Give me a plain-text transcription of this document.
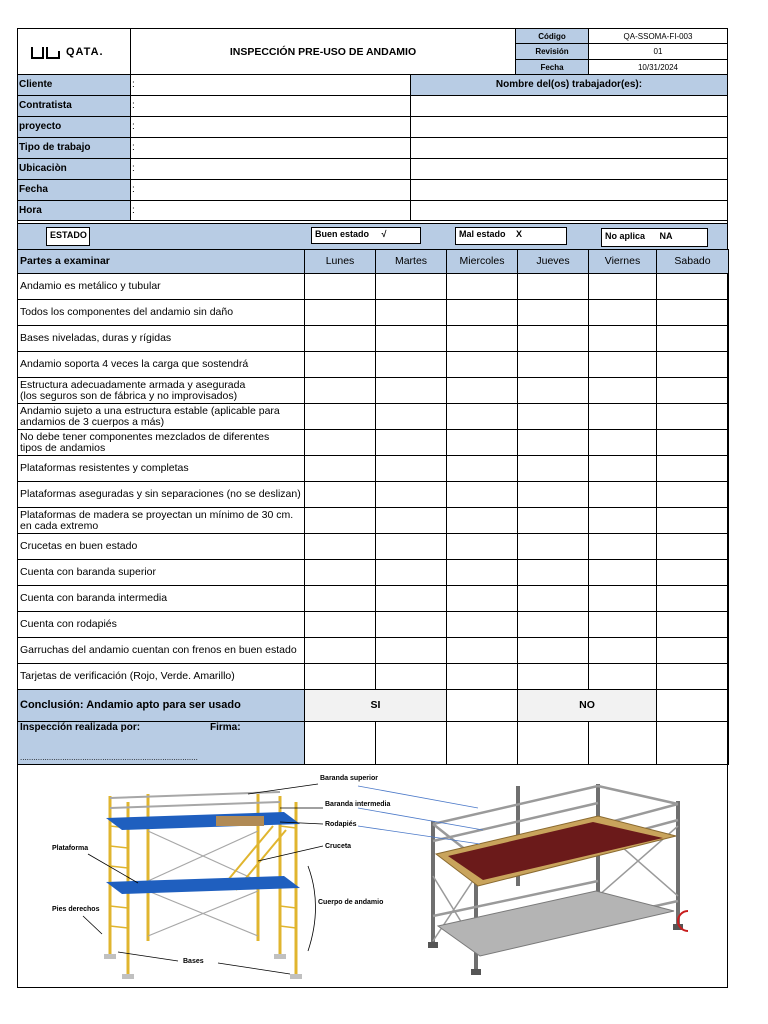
QATA.	INSPECCIÓN PRE-USO DE ANDAMIO
Código	QA-SSOMA-FI-003
Revisión	01
Fecha	10/31/2024
Cliente	:	Nombre del(os) trabajador(es):
Contratista	:
proyecto	:
Tipo de trabajo	:
Ubicaciòn	:
Fecha	:
Hora	:
ESTADO	Buen estado √	Mal estado X	No aplica NA
Partes a examinar	Lunes	Martes	Miercoles	Jueves	Viernes	Sabado
Andamio es metálico y tubular						
Todos los componentes del andamio sin daño						
Bases niveladas, duras y rígidas						
Andamio soporta 4 veces la carga que sostendrá						
Estructura adecuadamente armada y asegurada
(los seguros son de fábrica y no improvisados)						
Andamio sujeto a una estructura estable (aplicable para
andamios de 3 cuerpos a más)						
No debe tener componentes mezclados de diferentes
tipos de andamios						
Plataformas resistentes y completas						
Plataformas aseguradas y sin separaciones (no se deslizan)						
Plataformas de madera se proyectan un mínimo de 30 cm.
en cada extremo						
Crucetas en buen estado						
Cuenta con baranda superior						
Cuenta con baranda intermedia						
Cuenta con rodapiés						
Garruchas del andamio cuentan con frenos en buen estado						
Tarjetas de verificación (Rojo, Verde. Amarillo)						
Conclusión: Andamio apto para ser usado	SI			NO		

Inspección realizada por: Firma:
................................................................................						

Baranda superior
Baranda intermedia
Rodapiés
Cruceta
Plataforma
Pies derechos
Cuerpo de andamio
Bases
